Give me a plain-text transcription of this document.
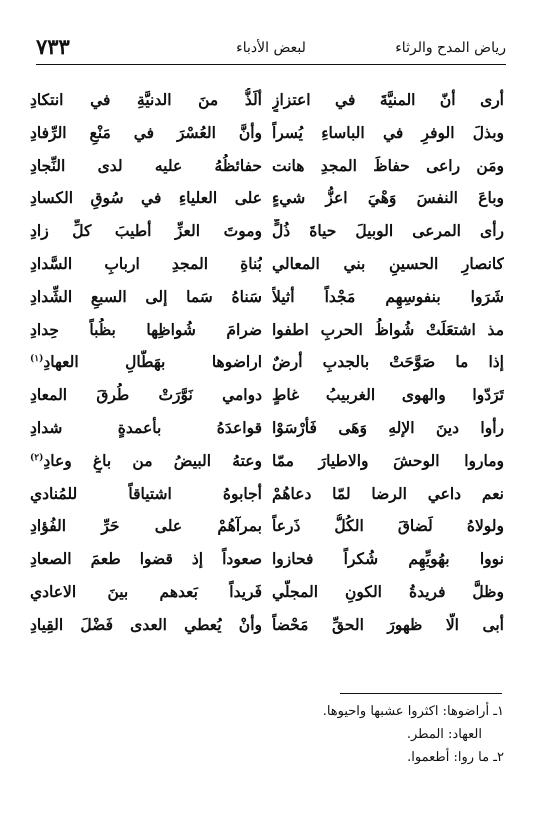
رياض المدح والرثاء
لبعض الأدباء
٧٣٣
أرى أنّ المنيَّةَ في اعتزازٍ
ألَذُّ منَ الدنيَّةِ في انتكادِ
وبذلَ الوفرِ في الباساءِ يُسراً
وأنَّ العُسْرَ في مَنْعِ الرِّفادِ
ومَن راعى حفاظَ المجدِ هانت
حفائظُهُ عليه لدى النِّجادِ
وباعَ النفسَ وَهْيَ اعزُّ شيءٍ
على العلياءِ في سُوقِ الكسادِ
رأى المرعى الوبيلَ حياةَ ذُلٍّ
وموتَ العزِّ أطيبَ كلِّ زادِ
كانصارِ الحسينِ بني المعالي
بُناةِ المجدِ اربابِ السَّدادِ
شَرَوا بنفوسِهِم مَجْداً أثيلاً
سَناهُ سَما إلى السبعِ الشِّدادِ
مذ اشتعَلَتْ شُواظُ الحربِ اطفوا
ضرامَ شُواظِها بظُباً حِدادِ
إذا ما صَوَّحَتْ بالجدبِ أرضٌ
اراضوها بهَطّالِ العهادِ$^{(١)}$
تَرَدّوا والهوى الغربيبُ غاطٍ
دوامي نَوَّرَتْ طُرقَ المعادِ
رأوا دينَ الإلهِ وَهَى فَأرْسَوْا
قواعدَهُ بأعمدةٍ شدادِ
وماروا الوحشَ والاطيارَ ممّا
وعتهُ البيضُ من باغٍ وعادِ$^{(٢)}$
نعم داعي الرضا لمّا دعاهُمْ
أجابوهُ اشتياقاً للمُنادي
ولولاهُ لَضاقَ الكُلُّ ذَرعاً
بمرآهُمْ على حَرِّ الفُؤادِ
نووا بهُويِّهِم شُكراً فحازوا
صعوداً إذ قضوا طعمَ الصعادِ
وظلَّ فريدةُ الكونِ المجلّي
فَريداً بَعدهم بينَ الاعادي
أبى الّا ظهورَ الحقِّ مَحْضاً
وأنْ يُعطي العدى فَضْلَ القِيادِ
١ـ أراضوها: اكثروا عشبها واحيوها.
العهاد: المطر.
٢ـ ما روا: أطعموا.
